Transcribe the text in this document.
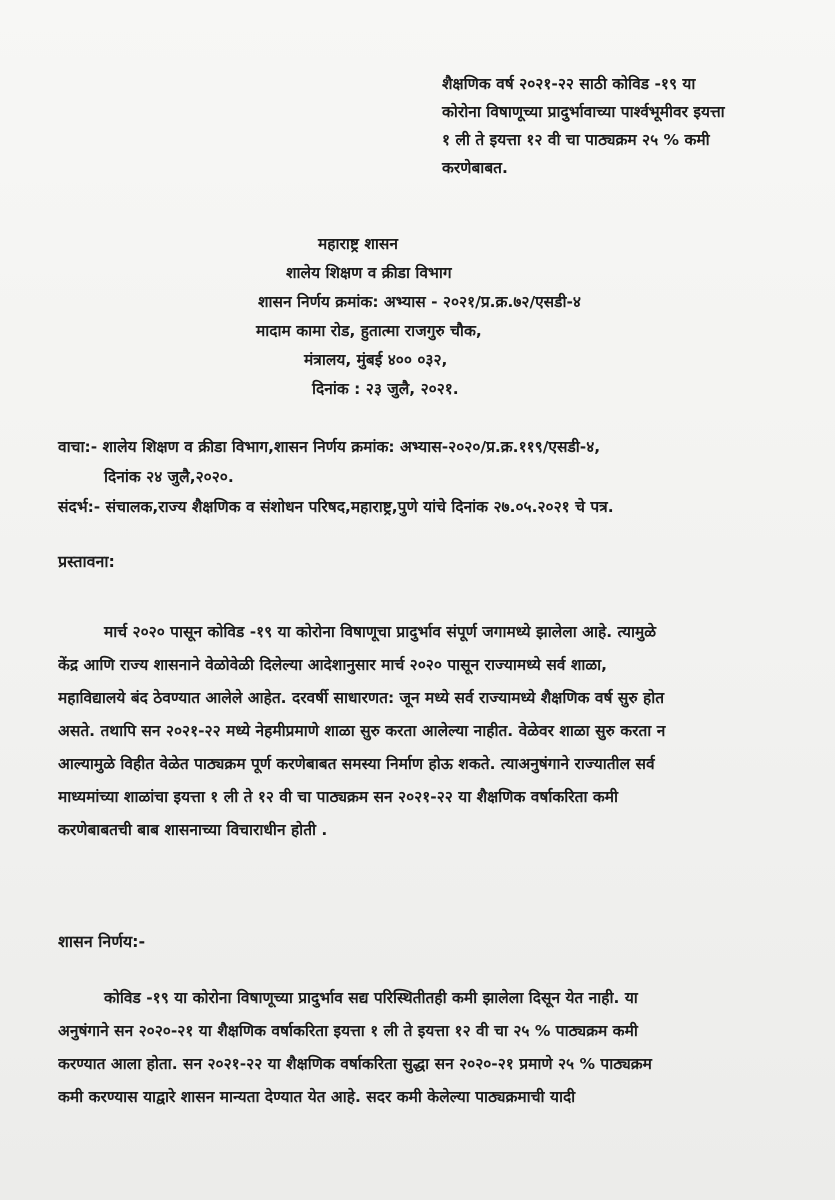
शैक्षणिक वर्ष २०२१-२२ साठी कोविड -१९ या
कोरोना विषाणूच्या प्रादुर्भावाच्या पार्श्वभूमीवर इयत्ता
१ ली ते इयत्ता १२ वी चा पाठ्यक्रम २५ % कमी
करणेबाबत.
महाराष्ट्र शासन
शालेय शिक्षण व क्रीडा विभाग
शासन निर्णय क्रमांक: अभ्यास - २०२१/प्र.क्र.७२/एसडी-४
मादाम कामा रोड, हुतात्मा राजगुरु चौक,
मंत्रालय, मुंबई ४०० ०३२,
दिनांक : २३ जुलै, २०२१.
वाचा:- शालेय शिक्षण व क्रीडा विभाग,शासन निर्णय क्रमांक: अभ्यास-२०२०/प्र.क्र.११९/एसडी-४,
दिनांक २४ जुलै,२०२०.
संदर्भ:- संचालक,राज्य शैक्षणिक व संशोधन परिषद,महाराष्ट्र,पुणे यांचे दिनांक २७.०५.२०२१ चे पत्र.
प्रस्तावना:
मार्च २०२० पासून कोविड -१९ या कोरोना विषाणूचा प्रादुर्भाव संपूर्ण जगामध्ये झालेला आहे. त्यामुळे
केंद्र आणि राज्य शासनाने वेळोवेळी दिलेल्या आदेशानुसार मार्च २०२० पासून राज्यामध्ये सर्व शाळा,
महाविद्यालये बंद ठेवण्यात आलेले आहेत. दरवर्षी साधारणत: जून मध्ये सर्व राज्यामध्ये शैक्षणिक वर्ष सुरु होत
असते. तथापि सन २०२१-२२ मध्ये नेहमीप्रमाणे शाळा सुरु करता आलेल्या नाहीत. वेळेवर शाळा सुरु करता न
आल्यामुळे विहीत वेळेत पाठ्यक्रम पूर्ण करणेबाबत समस्या निर्माण होऊ शकते. त्याअनुषंगाने राज्यातील सर्व
माध्यमांच्या शाळांचा इयत्ता १ ली ते १२ वी चा पाठ्यक्रम सन २०२१-२२ या शैक्षणिक वर्षाकरिता कमी
करणेबाबतची बाब शासनाच्या विचाराधीन होती .
शासन निर्णय:-
कोविड -१९ या कोरोना विषाणूच्या प्रादुर्भाव सद्य परिस्थितीतही कमी झालेला दिसून येत नाही. या
अनुषंगाने सन २०२०-२१ या शैक्षणिक वर्षाकरिता इयत्ता १ ली ते इयत्ता १२ वी चा २५ % पाठ्यक्रम कमी
करण्यात आला होता. सन २०२१-२२ या शैक्षणिक वर्षाकरिता सुद्धा सन २०२०-२१ प्रमाणे २५ % पाठ्यक्रम
कमी करण्यास याद्वारे शासन मान्यता देण्यात येत आहे. सदर कमी केलेल्या पाठ्यक्रमाची यादी
